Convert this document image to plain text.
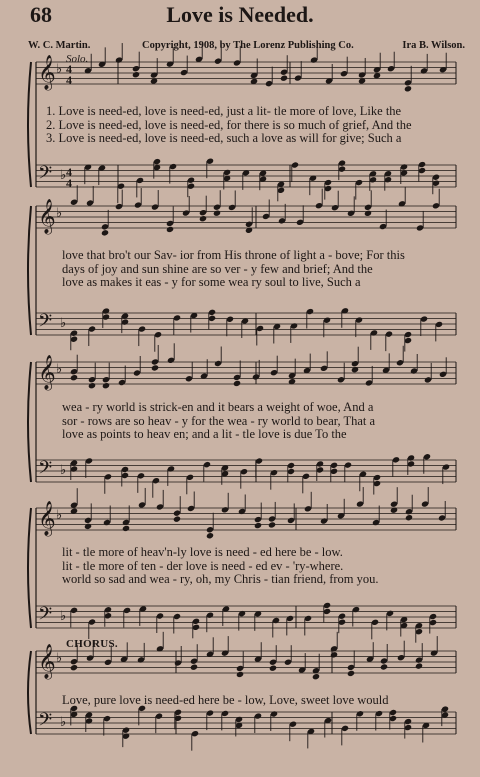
68	Love is Needed.
W. C. Martin.	Copyright, 1908, by The Lorenz Publishing Co.	Ira B. Wilson.
Solo.
𝄞 ♭ 4
4
𝄢 ♭ 4
4
𝄞 ♭
𝄢 ♭
𝄞 ♭
𝄢 ♭
𝄞 ♭
𝄢 ♭
𝄞 ♭
𝄢 ♭
1. Love is need-ed, love is need-ed, just a lit- tle more of love, Like the
2. Love is need-ed, love is need-ed, for there is so much of grief, And the
3. Love is need-ed, love is need-ed, such a love as will for give; Such a
love that bro't our Sav- ior from His throne of light a - bove; For this
days of joy and sun shine are so ver - y few and brief; And the
love as makes it eas - y for some wea ry soul to live, Such a
wea - ry world is strick-en and it bears a weight of woe, And a
sor - rows are so heav - y for the wea - ry world to bear, That a
love as points to heav en; and a lit - tle love is due To the
lit - tle more of heav'n-ly love is need - ed here be - low.
lit - tle more of ten - der love is need - ed ev - 'ry-where.
world so sad and wea - ry, oh, my Chris - tian friend, from you.
CHORUS.
Love, pure love is need-ed here be - low, Love, sweet love would
